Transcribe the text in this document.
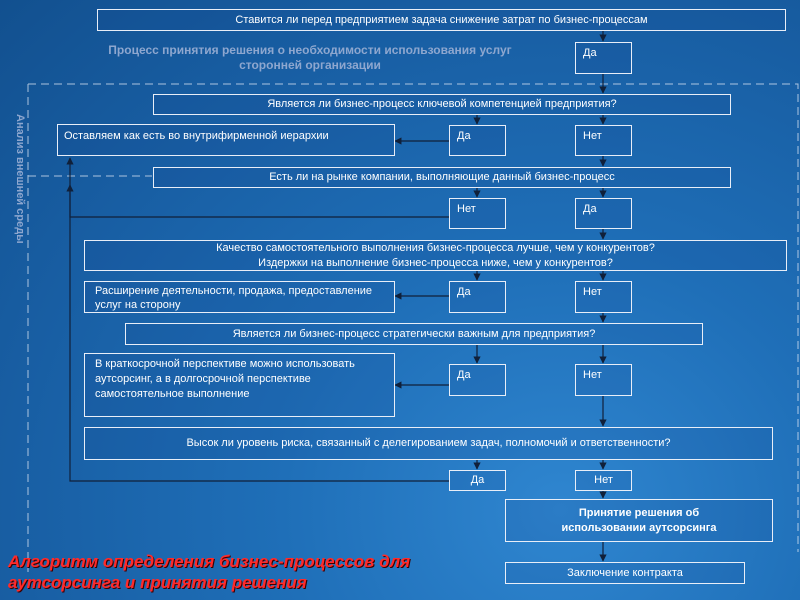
Процесс принятия решения о необходимости использования услуг сторонней организации
Анализ внешней среды
Ставится ли перед предприятием задача снижение затрат по бизнес-процессам
Да
Является ли бизнес-процесс ключевой компетенцией предприятия?
Оставляем как есть во внутрифирменной иерархии	Да	Нет
Есть ли на рынке компании, выполняющие данный бизнес-процесс
Нет	Да
Качество самостоятельного выполнения бизнес-процесса лучше, чем у конкурентов?
Издержки на выполнение бизнес-процесса ниже, чем у конкурентов?
Расширение деятельности, продажа, предоставление услуг на сторону
Да	Нет
Является ли бизнес-процесс стратегически важным для предприятия?
В краткосрочной перспективе можно использовать аутсорсинг, а в долгосрочной перспективе самостоятельное выполнение
Да	Нет
Высок ли уровень риска, связанный с делегированием задач, полномочий и ответственности?
Да	Нет
Принятие решения об использовании аутсорсинга
Заключение контракта
Алгоритм определения бизнес-процессов для аутсорсинга и принятия решения
